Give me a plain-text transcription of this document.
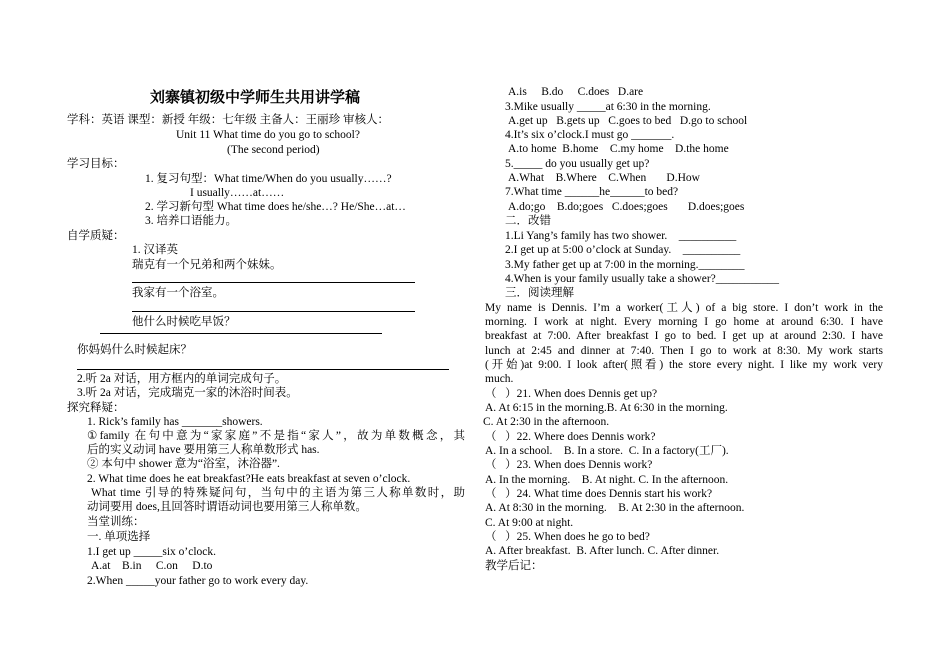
刘寨镇初级中学师生共用讲学稿
学科：英语 课型：新授 年级：七年级 主备人：王丽珍 审核人：
Unit 11 What time do you go to school?
(The second period)
学习目标：
1. 复习句型：What time/When do you usually……?
I usually……at……
2. 学习新句型 What time does he/she…? He/She…at…
3. 培养口语能力。
自学质疑：
1. 汉译英
瑞克有一个兄弟和两个妹妹。
我家有一个浴室。
他什么时候吃早饭？
你妈妈什么时候起床？
2.听 2a 对话，用方框内的单词完成句子。
3.听 2a 对话，完成瑞克一家的沐浴时间表。
探究释疑：
1. Rick’s family has _______showers.
①family 在句中意为“家家庭”不是指“家人”，故为单数概念，其
后的实义动词 have 要用第三人称单数形式 has.
② 本句中 shower 意为“浴室，沐浴器”.
2. What time does he eat breakfast?He eats breakfast at seven o’clock.
What time 引导的特殊疑问句，当句中的主语为第三人称单数时，助
动词要用 does,且回答时谓语动词也要用第三人称单数。
当堂训练：
一. 单项选择
1.I get up _____six o’clock.
A.at    B.in     C.on     D.to
2.When _____your father go to work every day.
A.is     B.do     C.does   D.are
3.Mike usually _____at 6:30 in the morning.
A.get up   B.gets up   C.goes to bed   D.go to school
4.It’s six o’clock.I must go _______.
A.to home  B.home    C.my home    D.the home
5._____ do you usually get up?
A.What    B.Where    C.When       D.How
7.What time ______he______to bed?
A.do;go    B.do;goes   C.does;goes       D.does;goes
二．改错
1.Li Yang’s family has two shower.    __________
2.I get up at 5:00 o’clock at Sunday.    __________
3.My father get up at 7:00 in the morning.________
4.When is your family usually take a shower?___________
三．阅读理解
My name is Dennis. I’m a worker(工人) of a big store. I don’t work in the
morning. I work at night. Every morning I go home at around 6:30. I have
breakfast at 7:00. After breakfast I go to bed. I get up at around 2:30. I have
lunch at 2:45 and dinner at 7:40. Then I go to work at 8:30. My work starts
(开始)at 9:00. I look after(照看) the store every night. I like my work very
much.
（   ）21. When does Dennis get up?
A. At 6:15 in the morning.B. At 6:30 in the morning.
C. At 2:30 in the afternoon.
（   ）22. Where does Dennis work?
A. In a school.    B. In a store.  C. In a factory(工厂).
（   ）23. When does Dennis work?
A. In the morning.    B. At night. C. In the afternoon.
（   ）24. What time does Dennis start his work?
A. At 8:30 in the morning.    B. At 2:30 in the afternoon.
C. At 9:00 at night.
（   ）25. When does he go to bed?
A. After breakfast.  B. After lunch. C. After dinner.
教学后记：
